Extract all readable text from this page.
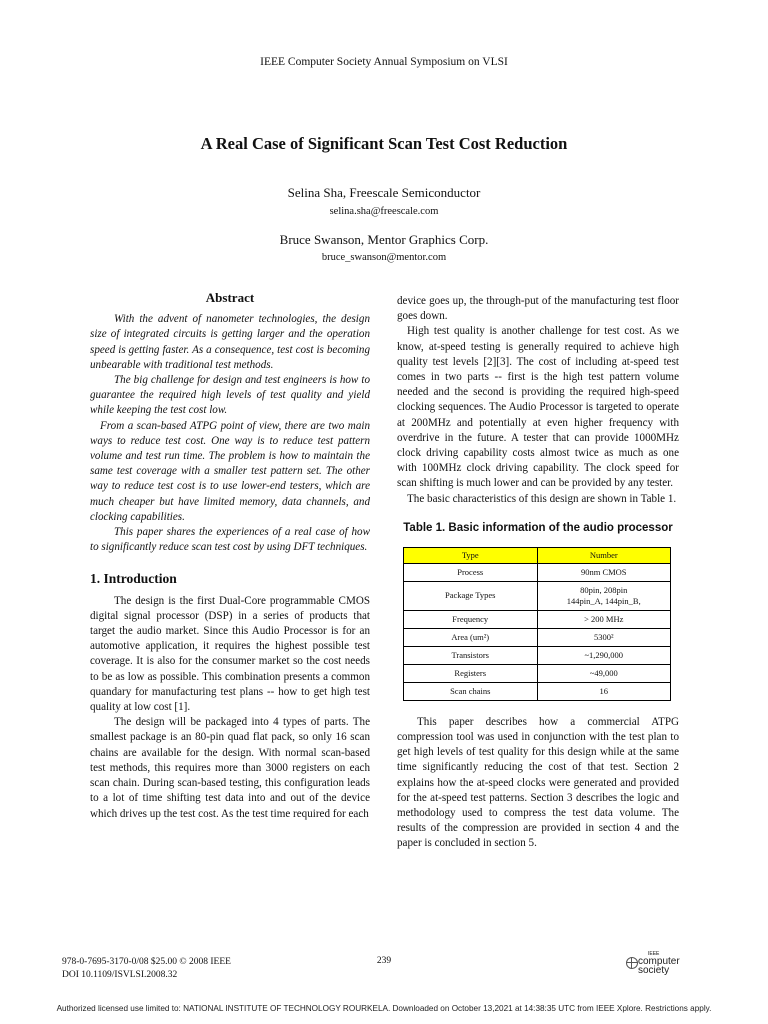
IEEE Computer Society Annual Symposium on VLSI
A Real Case of Significant Scan Test Cost Reduction
Selina Sha, Freescale Semiconductor
selina.sha@freescale.com
Bruce Swanson, Mentor Graphics Corp.
bruce_swanson@mentor.com
Abstract

With the advent of nanometer technologies, the design size of integrated circuits is getting larger and the operation speed is getting faster. As a consequence, test cost is becoming unbearable with traditional test methods.

The big challenge for design and test engineers is how to guarantee the required high levels of test quality and yield while keeping the test cost low.

From a scan-based ATPG point of view, there are two main ways to reduce test cost. One way is to reduce test pattern volume and test run time. The problem is how to maintain the same test coverage with a smaller test pattern set. The other way to reduce test cost is to use lower-end testers, which are much cheaper but have limited memory, data channels, and clocking capabilities.

This paper shares the experiences of a real case of how to significantly reduce scan test cost by using DFT techniques.

1. Introduction

The design is the first Dual-Core programmable CMOS digital signal processor (DSP) in a series of products that target the audio market. Since this Audio Processor is for an automotive application, it requires the highest possible test coverage. It is also for the consumer market so the cost needs to be as low as possible. This combination presents a common quandary for manufacturing test plans -- how to get high test quality at low cost [1].

The design will be packaged into 4 types of parts. The smallest package is an 80-pin quad flat pack, so only 16 scan chains are available for the design. With normal scan-based test methods, this requires more than 3000 registers on each scan chain. During scan-based testing, this configuration leads to a lot of time shifting test data into and out of the device which drives up the test cost. As the test time required for each

device goes up, the through-put of the manufacturing test floor goes down.

High test quality is another challenge for test cost. As we know, at-speed testing is generally required to achieve high quality test levels [2][3]. The cost of including at-speed test comes in two parts -- first is the high test pattern volume needed and the second is providing the required high-speed clocking sequences. The Audio Processor is targeted to operate at 200MHz and potentially at even higher frequency with overdrive in the future. A tester that can provide 1000MHz clock driving capability costs almost twice as much as one with 100MHz clock driving capability. The clock speed for scan shifting is much lower and can be provided by any tester.

The basic characteristics of this design are shown in Table 1.

Table 1. Basic information of the audio processor
Type	Number
Process	90nm CMOS
Package Types	80pin, 208pin
144pin_A, 144pin_B,
Frequency	> 200 MHz
Area (um²)	5300²
Transistors	~1,290,000
Registers	~49,000
Scan chains	16

This paper describes how a commercial ATPG compression tool was used in conjunction with the test plan to get high levels of test quality for this design while at the same time significantly reducing the cost of that test. Section 2 explains how the at-speed clocks were generated and provided for the at-speed test patterns. Section 3 describes the logic and methodology used to compress the test data volume. The results of the compression are provided in section 4 and the paper is concluded in section 5.

978-0-7695-3170-0/08 $25.00 © 2008 IEEE
DOI 10.1109/ISVLSI.2008.32
239
IEEE
computer
society
Authorized licensed use limited to: NATIONAL INSTITUTE OF TECHNOLOGY ROURKELA. Downloaded on October 13,2021 at 14:38:35 UTC from IEEE Xplore. Restrictions apply.
